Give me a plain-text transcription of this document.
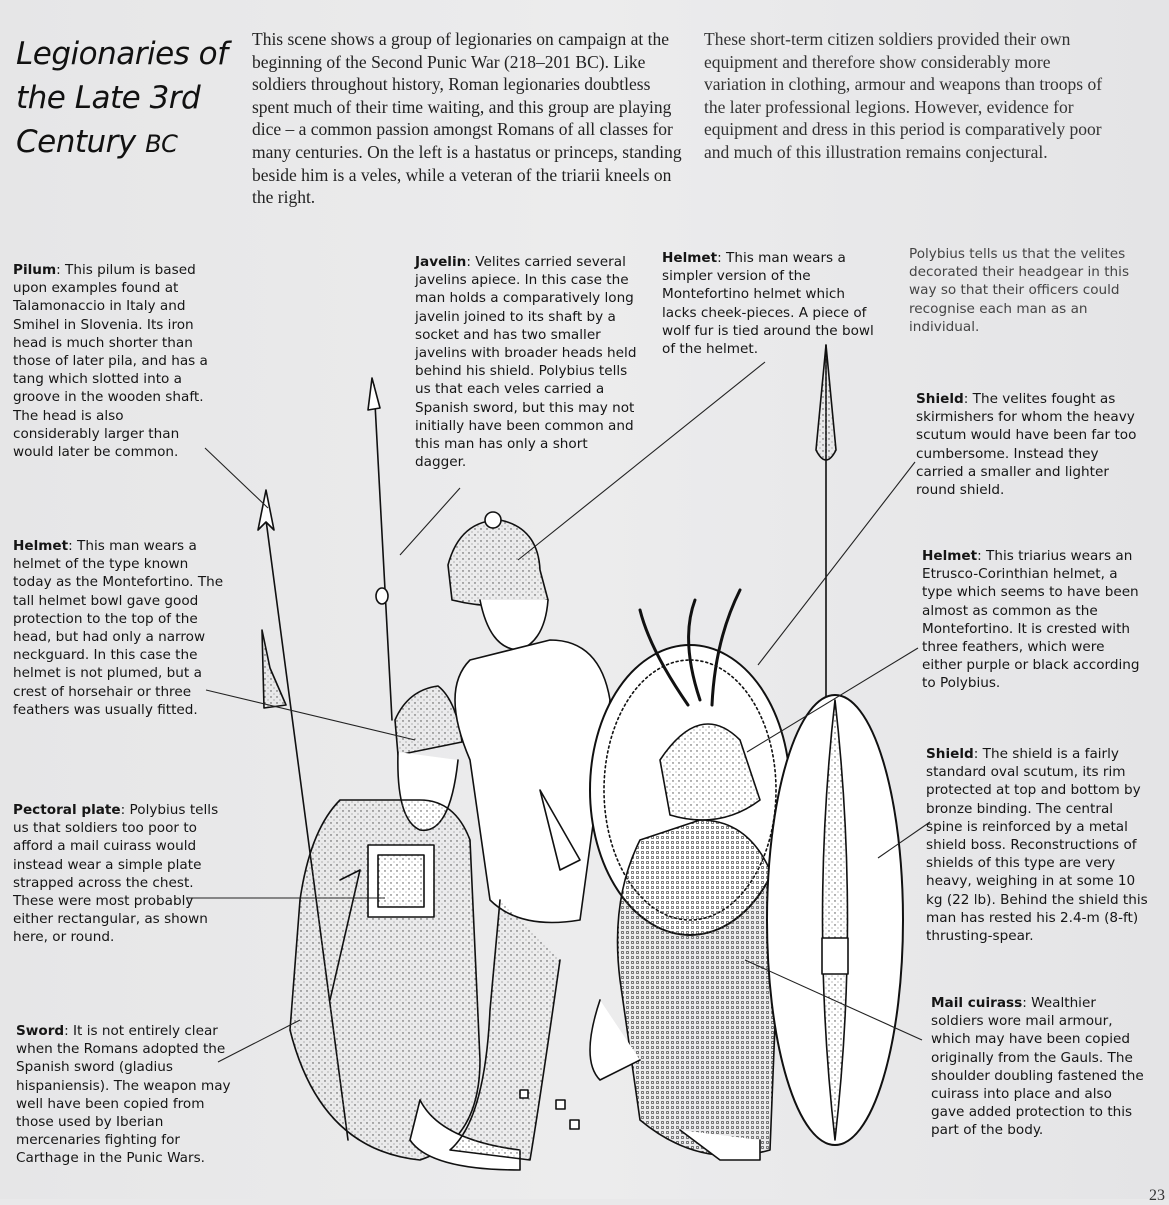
Legionaries of
the Late 3rd
Century BC
This scene shows a group of legionaries on campaign at the beginning of the Second Punic War (218–201 BC). Like soldiers throughout history, Roman legionaries doubtless spent much of their time waiting, and this group are playing dice – a common passion amongst Romans of all classes for many centuries. On the left is a hastatus or princeps, standing beside him is a veles, while a veteran of the triarii kneels on the right.
These short-term citizen soldiers provided their own equipment and therefore show considerably more variation in clothing, armour and weapons than troops of the later professional legions. However, evidence for equipment and dress in this period is comparatively poor and much of this illustration remains conjectural.
Pilum: This pilum is based upon examples found at Talamonaccio in Italy and Smihel in Slovenia. Its iron head is much shorter than those of later pila, and has a tang which slotted into a groove in the wooden shaft. The head is also considerably larger than would later be common.
Helmet: This man wears a helmet of the type known today as the Montefortino. The tall helmet bowl gave good protection to the top of the head, but had only a narrow neckguard. In this case the helmet is not plumed, but a crest of horsehair or three feathers was usually fitted.
Pectoral plate: Polybius tells us that soldiers too poor to afford a mail cuirass would instead wear a simple plate strapped across the chest. These were most probably either rectangular, as shown here, or round.
Sword: It is not entirely clear when the Romans adopted the Spanish sword (gladius hispaniensis). The weapon may well have been copied from those used by Iberian mercenaries fighting for Carthage in the Punic Wars.
Javelin: Velites carried several javelins apiece. In this case the man holds a comparatively long javelin joined to its shaft by a socket and has two smaller javelins with broader heads held behind his shield. Polybius tells us that each veles carried a Spanish sword, but this may not initially have been common and this man has only a short dagger.
Helmet: This man wears a simpler version of the Montefortino helmet which lacks cheek-pieces. A piece of wolf fur is tied around the bowl of the helmet.
Polybius tells us that the velites decorated their headgear in this way so that their officers could recognise each man as an individual.
Shield: The velites fought as skirmishers for whom the heavy scutum would have been far too cumbersome. Instead they carried a smaller and lighter round shield.
Helmet: This triarius wears an Etrusco-Corinthian helmet, a type which seems to have been almost as common as the Montefortino. It is crested with three feathers, which were either purple or black according to Polybius.
Shield: The shield is a fairly standard oval scutum, its rim protected at top and bottom by bronze binding. The central spine is reinforced by a metal shield boss. Reconstructions of shields of this type are very heavy, weighing in at some 10 kg (22 lb). Behind the shield this man has rested his 2.4-m (8-ft) thrusting-spear.
Mail cuirass: Wealthier soldiers wore mail armour, which may have been copied originally from the Gauls. The shoulder doubling fastened the cuirass into place and also gave added protection to this part of the body.
23
